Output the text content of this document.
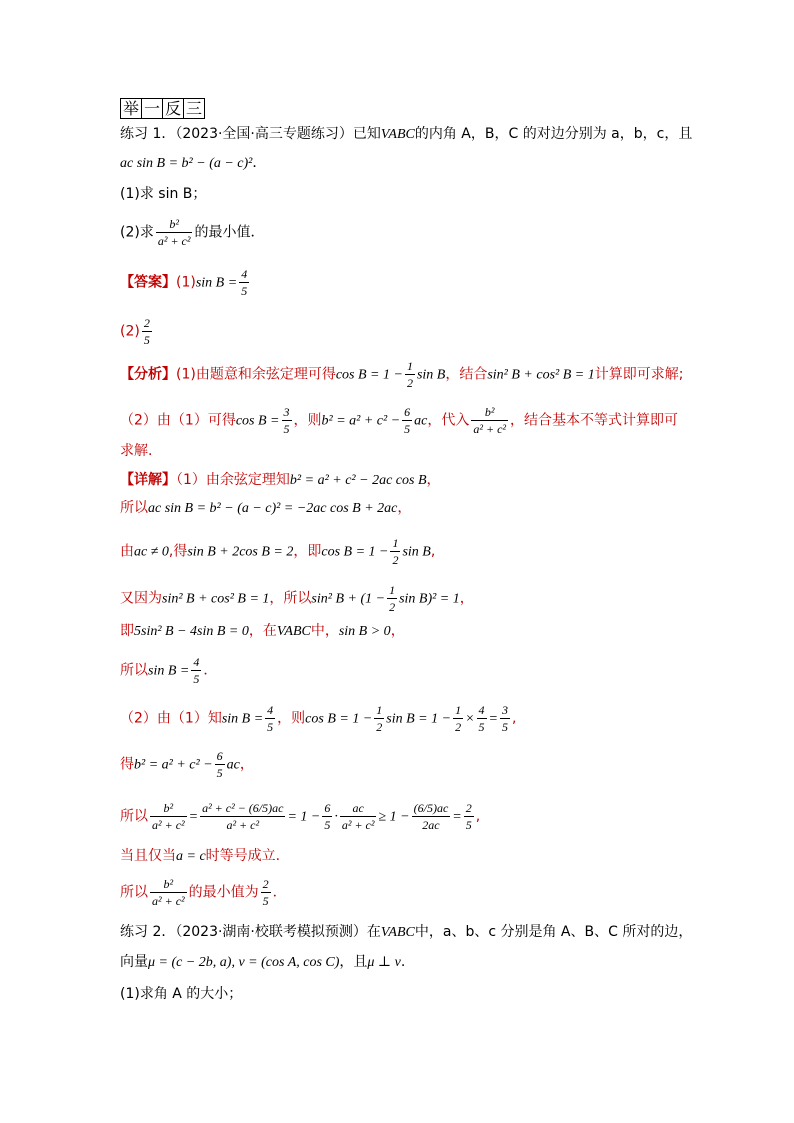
举 一 反 三
练习 1．（2023·全国·高三专题练习）已知VABC的内角 A，B，C 的对边分别为 a，b，c，且
ac sin B = b² − (a − c)²．
(1)求 sin B；
(2)求 $\frac{\text{b²}}{\text{a² + c²}}$ 的最小值．
【答案】(1)sin $B = \frac{4}{5}$
$(2) \frac{2}{5}$
【分析】(1)由题意和余弦定理可得$\cos B = 1 - \frac{1}{2}$ sin B，结合sin² B + cos² B = 1计算即可求解;
（2）由（1）可得$\cos B = \frac{3}{5}$ ，则$b^2 = a^2 + c^2 - \frac{6}{5}$ ac，代入 $\frac{\text{b²}}{\text{a² + c²}}$ ，结合基本不等式计算即可
求解.
【详解】（1）由余弦定理知b² = a² + c² − 2ac cos B，
所以ac sin B = b² − (a − c)² = −2ac cos B + 2ac，
由ac ≠ 0,得sin B + 2cos B = 2，即$\cos B = 1 - \frac{1}{2}$ sin B,
又因为sin² B + cos² B = 1，所以sin² $B + (1 - \frac{1}{2}$ sin B)² = 1，
即5sin² B − 4sin B = 0，在VABC中，sin B > 0，
所以$\sin B = \frac{4}{5}$ ．
（2）由（1）知$\sin B = \frac{4}{5}$ ，则$\cos B = 1 - \frac{1}{2}$ $\sin B = 1 - \frac{1}{2} \times \frac{4}{5} = \frac{3}{5}$ ,
得$b^2 = a^2 + c^2 - \frac{6}{5}$ ac，
所以 $\frac{\text{b²}}{\text{a² + c²}} = \frac{\text{a² + c² − (6/5)ac}}{\text{a² + c²}} = 1 - \frac{6}{5} \cdot \frac{ac}{\text{a² + c²}} \ge 1 - \frac{(6/5)ac}{2ac} = \frac{2}{5}$ ,
当且仅当a = c时等号成立.
所以 $\frac{\text{b²}}{\text{a² + c²}}$ 的最小值为 $\frac{2}{5}$ ．
练习 2．（2023·湖南·校联考模拟预测）在VABC中，a、b、c 分别是角 A、B、C 所对的边，
向量μ = (c − 2b, a), v = (cos A, cos C)，且μ ⊥ v.
(1)求角 A 的大小；
